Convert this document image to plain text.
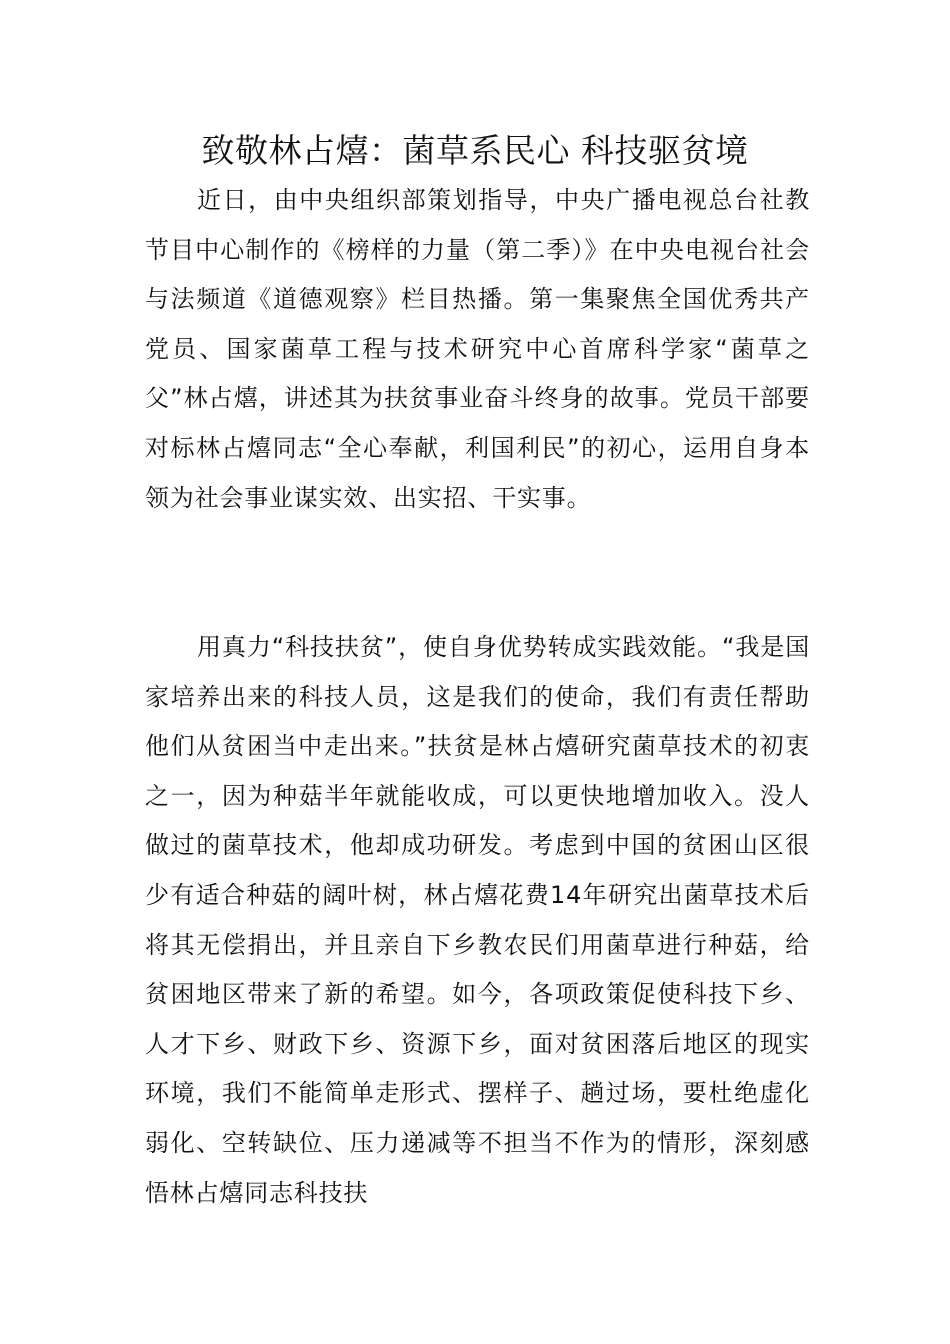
致敬林占熺：菌草系民心 科技驱贫境

近日，由中央组织部策划指导，中央广播电视总台社教节目中心制作的《榜样的力量（第二季）》在中央电视台社会与法频道《道德观察》栏目热播。第一集聚焦全国优秀共产党员、国家菌草工程与技术研究中心首席科学家“菌草之父”林占熺，讲述其为扶贫事业奋斗终身的故事。党员干部要对标林占熺同志“全心奉献，利国利民”的初心，运用自身本领为社会事业谋实效、出实招、干实事。

用真力“科技扶贫”，使自身优势转成实践效能。“我是国家培养出来的科技人员，这是我们的使命，我们有责任帮助他们从贫困当中走出来。”扶贫是林占熺研究菌草技术的初衷之一，因为种菇半年就能收成，可以更快地增加收入。没人做过的菌草技术，他却成功研发。考虑到中国的贫困山区很少有适合种菇的阔叶树，林占熺花费14年研究出菌草技术后将其无偿捐出，并且亲自下乡教农民们用菌草进行种菇，给贫困地区带来了新的希望。如今，各项政策促使科技下乡、人才下乡、财政下乡、资源下乡，面对贫困落后地区的现实环境，我们不能简单走形式、摆样子、趟过场，要杜绝虚化弱化、空转缺位、压力递减等不担当不作为的情形，深刻感悟林占熺同志科技扶
